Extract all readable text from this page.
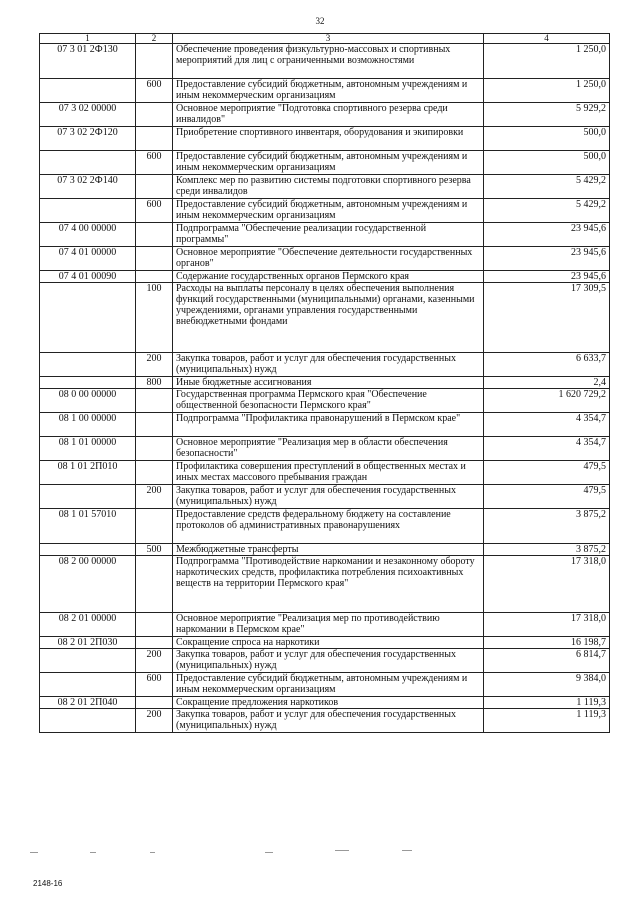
32
1	2	3	4
07 3 01 2Ф130		Обеспечение проведения физкультурно-массовых и спортивных мероприятий для лиц с ограниченными возможностями	1 250,0
	600	Предоставление субсидий бюджетным, автономным учреждениям и иным некоммерческим организациям	1 250,0
07 3 02 00000		Основное мероприятие "Подготовка спортивного резерва среди инвалидов"	5 929,2
07 3 02 2Ф120		Приобретение спортивного инвентаря, оборудования и экипировки	500,0
	600	Предоставление субсидий бюджетным, автономным учреждениям и иным некоммерческим организациям	500,0
07 3 02 2Ф140		Комплекс мер по развитию системы подготовки спортивного резерва среди инвалидов	5 429,2
	600	Предоставление субсидий бюджетным, автономным учреждениям и иным некоммерческим организациям	5 429,2
07 4 00 00000		Подпрограмма "Обеспечение реализации государственной программы"	23 945,6
07 4 01 00000		Основное мероприятие "Обеспечение деятельности государственных органов"	23 945,6
07 4 01 00090		Содержание государственных органов Пермского края	23 945,6
	100	Расходы на выплаты персоналу в целях обеспечения выполнения функций государственными (муниципальными) органами, казенными учреждениями, органами управления государственными внебюджетными фондами	17 309,5
	200	Закупка товаров, работ и услуг для обеспечения государственных (муниципальных) нужд	6 633,7
	800	Иные бюджетные ассигнования	2,4
08 0 00 00000		Государственная программа Пермского края "Обеспечение общественной безопасности Пермского края"	1 620 729,2
08 1 00 00000		Подпрограмма "Профилактика правонарушений в Пермском крае"	4 354,7
08 1 01 00000		Основное мероприятие "Реализация мер в области обеспечения безопасности"	4 354,7
08 1 01 2П010		Профилактика совершения преступлений в общественных местах и иных местах массового пребывания граждан	479,5
	200	Закупка товаров, работ и услуг для обеспечения государственных (муниципальных) нужд	479,5
08 1 01 57010		Предоставление средств федеральному бюджету на составление протоколов об административных правонарушениях	3 875,2
	500	Межбюджетные трансферты	3 875,2
08 2 00 00000		Подпрограмма "Противодействие наркомании и незаконному обороту наркотических средств, профилактика потребления психоактивных веществ на территории Пермского края"	17 318,0
08 2 01 00000		Основное мероприятие "Реализация мер по противодействию наркомании в Пермском крае"	17 318,0
08 2 01 2П030		Сокращение спроса на наркотики	16 198,7
	200	Закупка товаров, работ и услуг для обеспечения государственных (муниципальных) нужд	6 814,7
	600	Предоставление субсидий бюджетным, автономным учреждениям и иным некоммерческим организациям	9 384,0
08 2 01 2П040		Сокращение предложения наркотиков	1 119,3
	200	Закупка товаров, работ и услуг для обеспечения государственных (муниципальных) нужд	1 119,3
2148-16
